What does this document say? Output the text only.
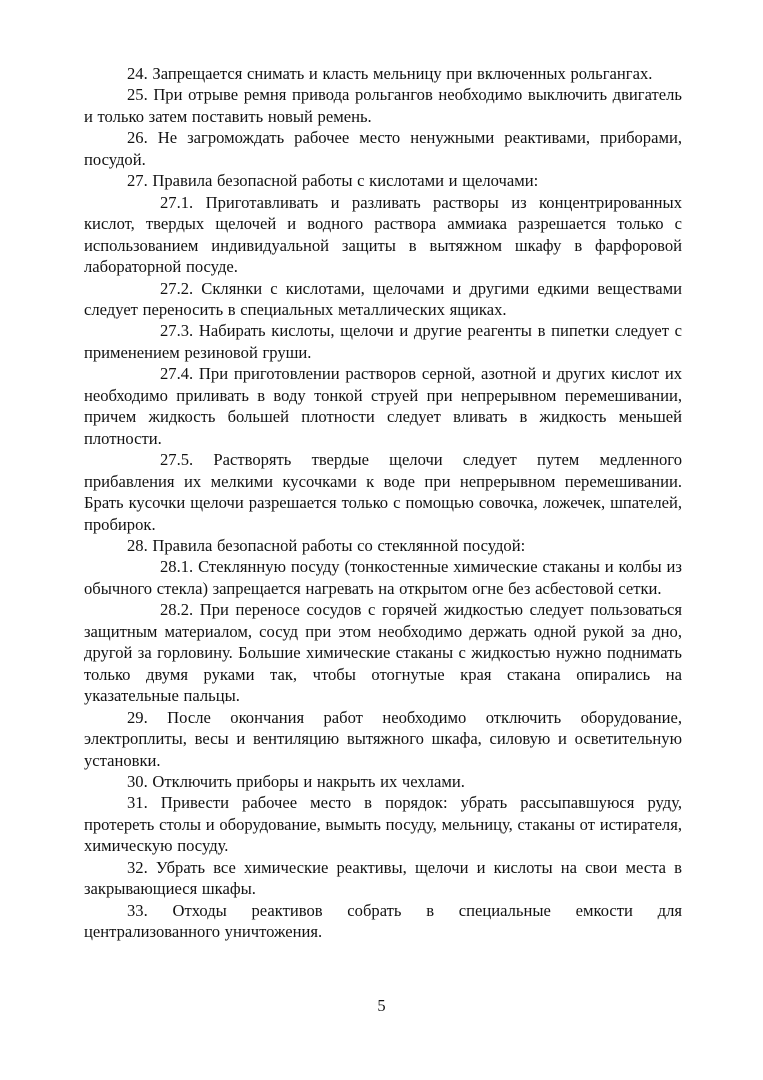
24. Запрещается снимать и класть мельницу при включенных рольгангах.

25. При отрыве ремня привода рольгангов необходимо выключить двигатель и только затем поставить новый ремень.

26. Не загромождать рабочее место ненужными реактивами, приборами, посудой.

27. Правила безопасной работы с кислотами и щелочами:

27.1. Приготавливать и разливать растворы из концентрированных кислот, твердых щелочей и водного раствора аммиака разрешается только с использованием индивидуальной защиты в вытяжном шкафу в фарфоровой лабораторной посуде.

27.2. Склянки с кислотами, щелочами и другими едкими веществами следует переносить в специальных металлических ящиках.

27.3. Набирать кислоты, щелочи и другие реагенты в пипетки следует с применением резиновой груши.

27.4. При приготовлении растворов серной, азотной и других кислот их необходимо приливать в воду тонкой струей при непрерывном перемешивании, причем жидкость большей плотности следует вливать в жидкость меньшей плотности.

27.5. Растворять твердые щелочи следует путем медленного прибавления их мелкими кусочками к воде при непрерывном перемешивании. Брать кусочки щелочи разрешается только с помощью совочка, ложечек, шпателей, пробирок.

28. Правила безопасной работы со стеклянной посудой:

28.1. Стеклянную посуду (тонкостенные химические стаканы и колбы из обычного стекла) запрещается нагревать на открытом огне без асбестовой сетки.

28.2. При переносе сосудов с горячей жидкостью следует пользоваться защитным материалом, сосуд при этом необходимо держать одной рукой за дно, другой за горловину. Большие химические стаканы с жидкостью нужно поднимать только двумя руками так, чтобы отогнутые края стакана опирались на указательные пальцы.

29. После окончания работ необходимо отключить оборудование, электроплиты, весы и вентиляцию вытяжного шкафа, силовую и осветительную установки.

30. Отключить приборы и накрыть их чехлами.

31. Привести рабочее место в порядок: убрать рассыпавшуюся руду, протереть столы и оборудование, вымыть посуду, мельницу, стаканы от истирателя, химическую посуду.

32. Убрать все химические реактивы, щелочи и кислоты на свои места в закрывающиеся шкафы.

33. Отходы реактивов собрать в специальные емкости для централизованного уничтожения.

5
